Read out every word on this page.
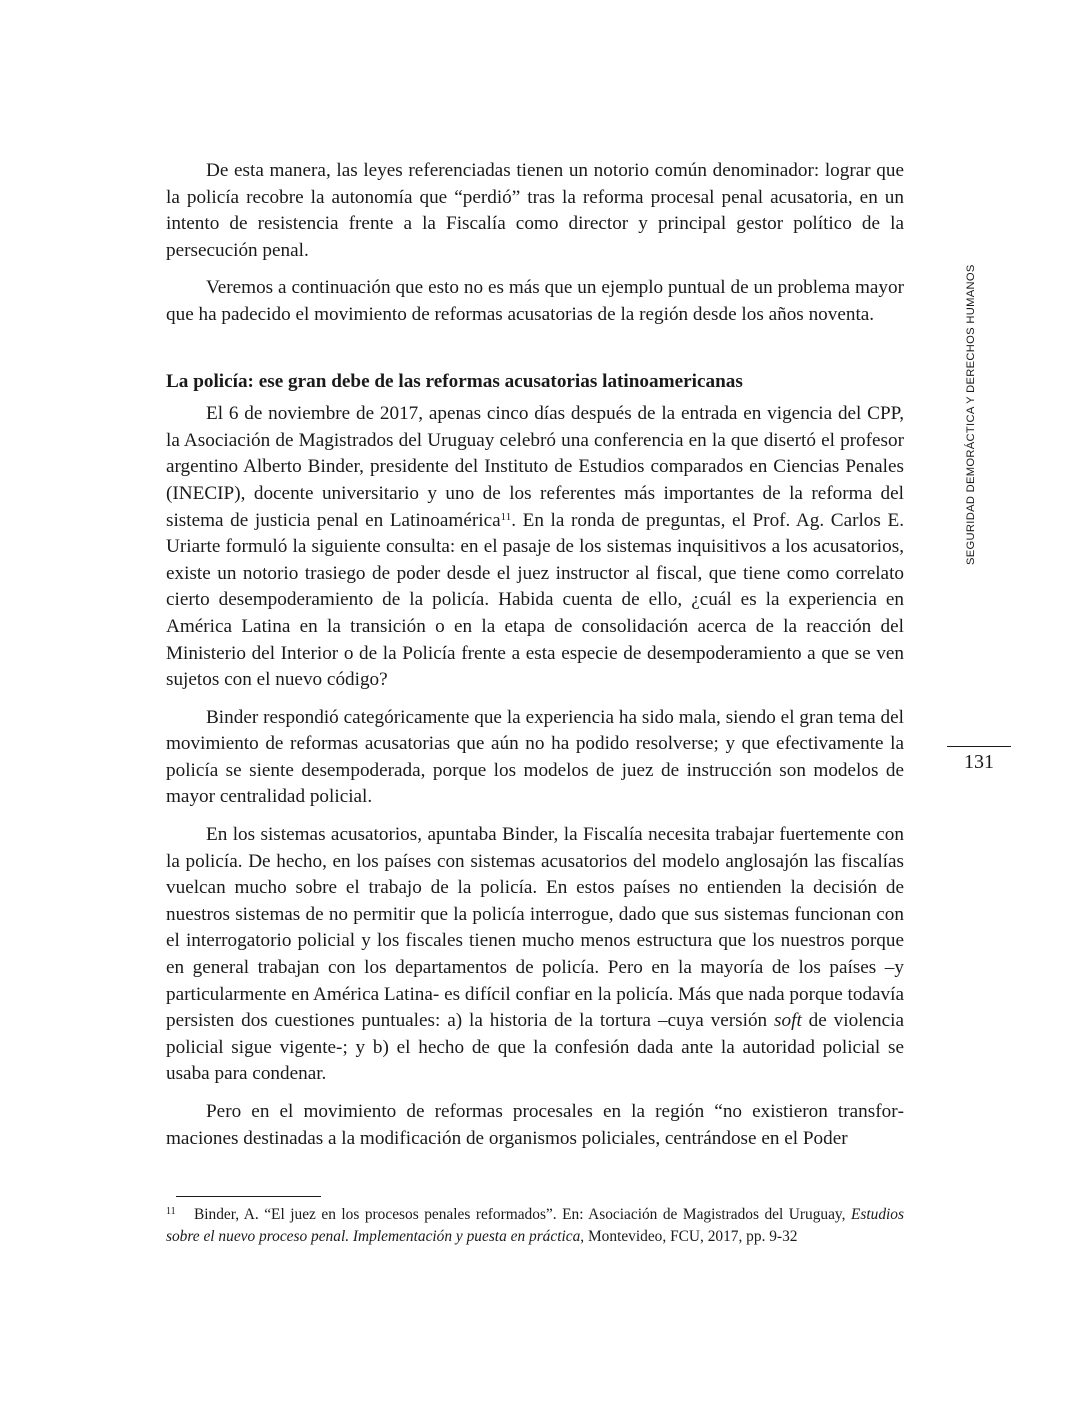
De esta manera, las leyes referenciadas tienen un notorio común denominador: lograr que la policía recobre la autonomía que “perdió” tras la reforma procesal penal acusatoria, en un intento de resistencia frente a la Fiscalía como director y principal gestor político de la persecución penal.

Veremos a continuación que esto no es más que un ejemplo puntual de un problema mayor que ha padecido el movimiento de reformas acusatorias de la región desde los años noventa.

La policía: ese gran debe de las reformas acusatorias latinoamericanas

El 6 de noviembre de 2017, apenas cinco días después de la entrada en vigencia del CPP, la Asociación de Magistrados del Uruguay celebró una conferencia en la que disertó el profesor argentino Alberto Binder, presidente del Instituto de Estudios comparados en Ciencias Penales (INECIP), docente universitario y uno de los referentes más importantes de la reforma del sistema de justicia penal en Latinoamérica$^{11}$. En la ronda de preguntas, el Prof. Ag. Carlos E. Uriarte formuló la siguiente consulta: en el pasaje de los sistemas inquisitivos a los acusatorios, existe un notorio trasiego de poder desde el juez instructor al fiscal, que tiene como correlato cierto desempoderamiento de la policía. Habida cuenta de ello, ¿cuál es la experiencia en América Latina en la transición o en la etapa de consolidación acerca de la reacción del Ministerio del Interior o de la Policía frente a esta especie de desempoderamiento a que se ven sujetos con el nuevo código?

Binder respondió categóricamente que la experiencia ha sido mala, siendo el gran tema del movimiento de reformas acusatorias que aún no ha podido resolverse; y que efectivamente la policía se siente desempoderada, porque los modelos de juez de instrucción son modelos de mayor centralidad policial.

En los sistemas acusatorios, apuntaba Binder, la Fiscalía necesita trabajar fuertemente con la policía. De hecho, en los países con sistemas acusatorios del modelo anglosajón las fiscalías vuelcan mucho sobre el trabajo de la policía. En estos países no entienden la decisión de nuestros sistemas de no permitir que la policía interrogue, dado que sus sistemas funcionan con el interrogatorio policial y los fiscales tienen mucho menos estructura que los nuestros porque en general trabajan con los departamentos de policía. Pero en la mayoría de los países –y particularmente en América Latina- es difícil confiar en la policía. Más que nada porque todavía persisten dos cuestiones puntuales: a) la historia de la tortura –cuya versión soft de violencia policial sigue vigente-; y b) el hecho de que la confesión dada ante la autoridad policial se usaba para condenar.

Pero en el movimiento de reformas procesales en la región “no existieron transformaciones destinadas a la modificación de organismos policiales, centrándose en el Poder

11 Binder, A. “El juez en los procesos penales reformados”. En: Asociación de Magistrados del Uruguay, Estudios sobre el nuevo proceso penal. Implementación y puesta en práctica, Montevideo, FCU, 2017, pp. 9-32
SEGURIDAD DEMORÁCTICA Y DERECHOS HUMANOS
131
